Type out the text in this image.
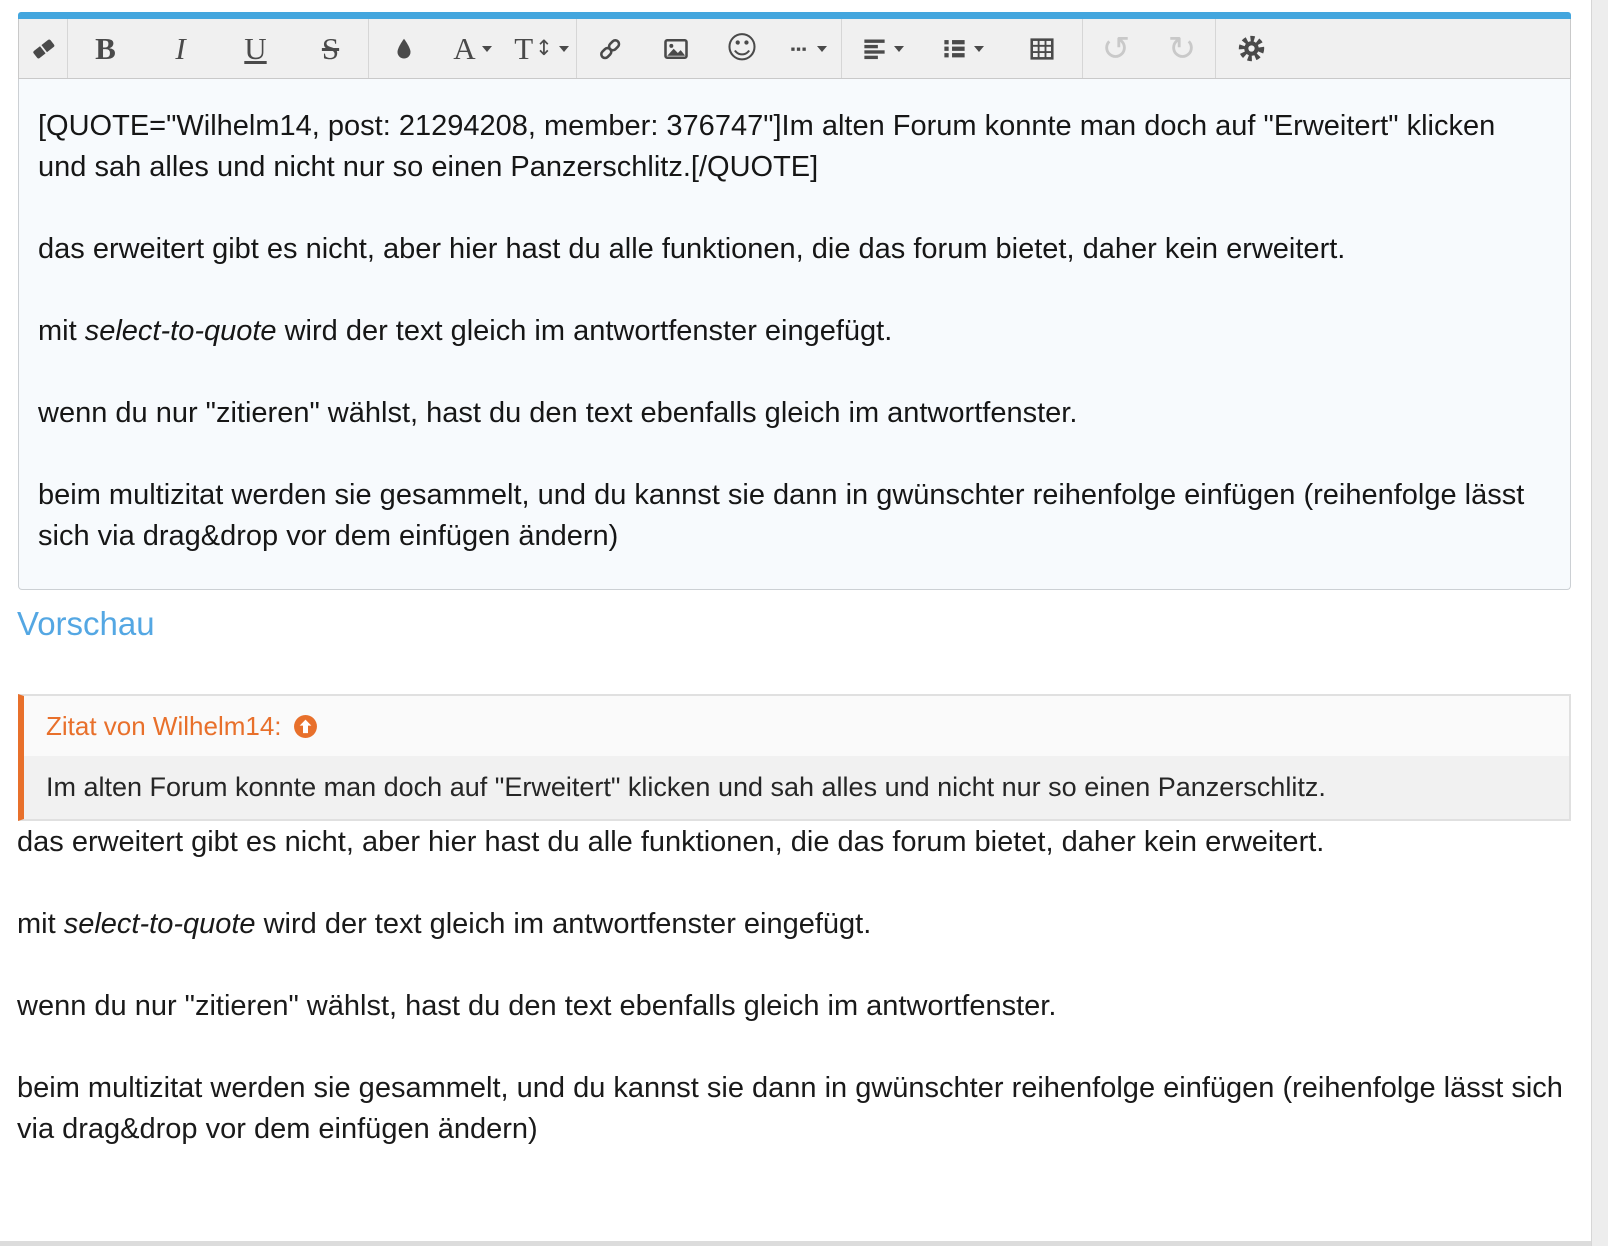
B I U S	A T ↕	☺	↺ ↻

[QUOTE="Wilhelm14, post: 21294208, member: 376747"]Im alten Forum konnte man doch auf "Erweitert" klicken und sah alles und nicht nur so einen Panzerschlitz.[/QUOTE]

das erweitert gibt es nicht, aber hier hast du alle funktionen, die das forum bietet, daher kein erweitert.

mit select-to-quote wird der text gleich im antwortfenster eingefügt.

wenn du nur "zitieren" wählst, hast du den text ebenfalls gleich im antwortfenster.

beim multizitat werden sie gesammelt, und du kannst sie dann in gwünschter reihenfolge einfügen (reihenfolge lässt sich via drag&drop vor dem einfügen ändern)

Vorschau
Zitat von Wilhelm14:
Im alten Forum konnte man doch auf "Erweitert" klicken und sah alles und nicht nur so einen Panzerschlitz.

das erweitert gibt es nicht, aber hier hast du alle funktionen, die das forum bietet, daher kein erweitert.

mit select-to-quote wird der text gleich im antwortfenster eingefügt.

wenn du nur "zitieren" wählst, hast du den text ebenfalls gleich im antwortfenster.

beim multizitat werden sie gesammelt, und du kannst sie dann in gwünschter reihenfolge einfügen (reihenfolge lässt sich via drag&drop vor dem einfügen ändern)
